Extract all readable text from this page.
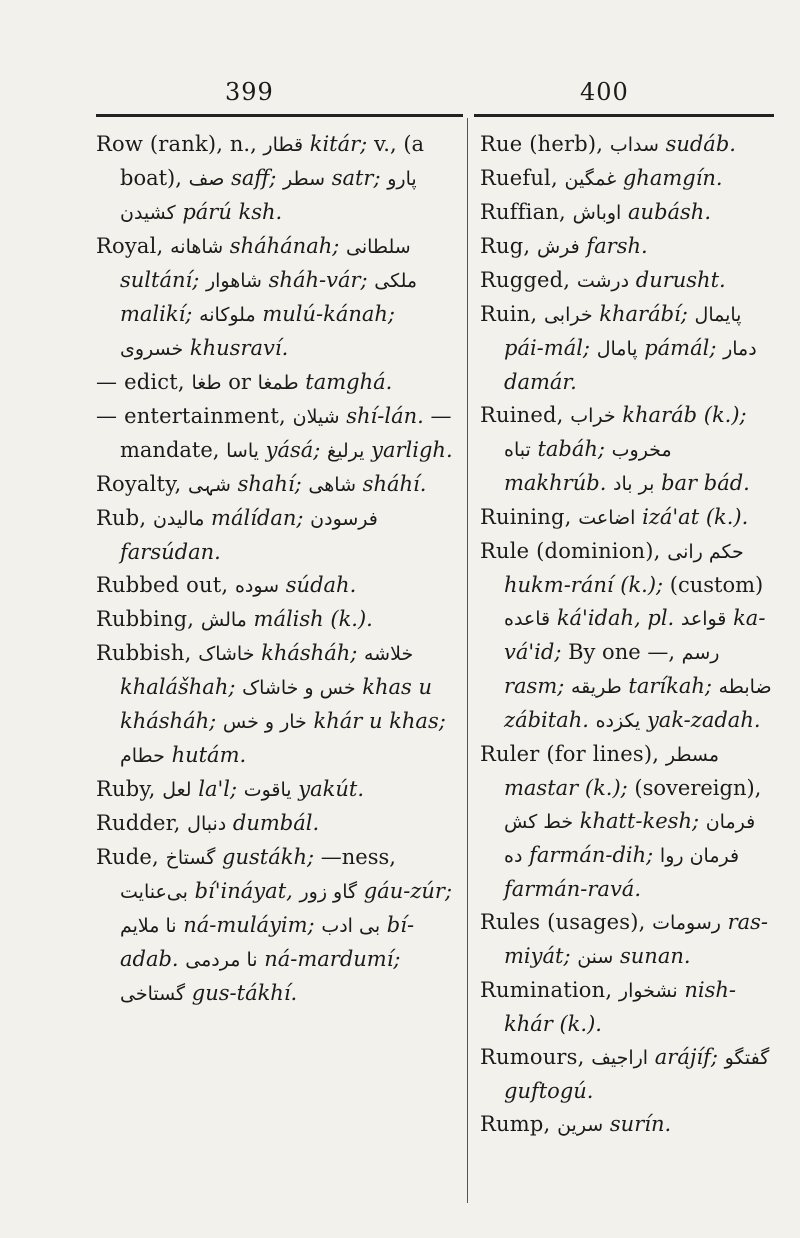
399	400

Row (rank), n., قطار kitár; v., (a boat), صف saff; سطر satr; پارو کشیدن párú ksh.

Royal, شاهانه sháhánah; سلطانی sultání; شاهوار sháh-vár; ملکی malikí; ملوکانه mulú-kánah; خسروی khusraví.

— edict, طغا or طمغا tamghá.

— entertainment, شیلان shí-lán. — mandate, یاسا yásá; یرلیغ yarligh.

Royalty, شہی shahí; شاهی sháhí.

Rub, مالیدن málídan; فرسودن farsúdan.

Rubbed out, سوده súdah.

Rubbing, مالش málish (k.).

Rubbish, خاشاک khásháh; خلاشه khalášhah; خس و خاشاک khas u khásháh; خار و خس khár u khas; حطام hutám.

Ruby, لعل la'l; یاقوت yakút.

Rudder, دنبال dumbál.

Rude, گستاخ gustákh; —ness, بی‌عنایت bí'ináyat, گاو زور gáu-zúr; نا ملایم ná-muláyim; بی ادب bí-adab. نا مردمی ná-mardumí; گستاخی gus-tákhí.

Rue (herb), سداب sudáb.

Rueful, غمگین ghamgín.

Ruffian, اوباش aubásh.

Rug, فرش farsh.

Rugged, درشت durusht.

Ruin, خرابی kharábí; پایمال pái-mál; پامال pámál; دمار damár.

Ruined, خراب kharáb (k.); تباه tabáh; مخروب makhrúb. بر باد bar bád.

Ruining, اضاعت izá'at (k.).

Rule (dominion), حکم رانی hukm-rání (k.); (custom) قاعده ká'idah, pl. قواعد ka-vá'id; By one —, رسم rasm; طریقه taríkah; ضابطه zábitah. یکزده yak-zadah.

Ruler (for lines), مسطر mastar (k.); (sovereign), خط کش khatt-kesh; فرمان ده farmán-dih; فرمان روا farmán-ravá.

Rules (usages), رسومات ras-miyát; سنن sunan.

Rumination, نشخوار nish-khár (k.).

Rumours, اراجیف arájíf; گفتگو guftogú.

Rump, سرین surín.
